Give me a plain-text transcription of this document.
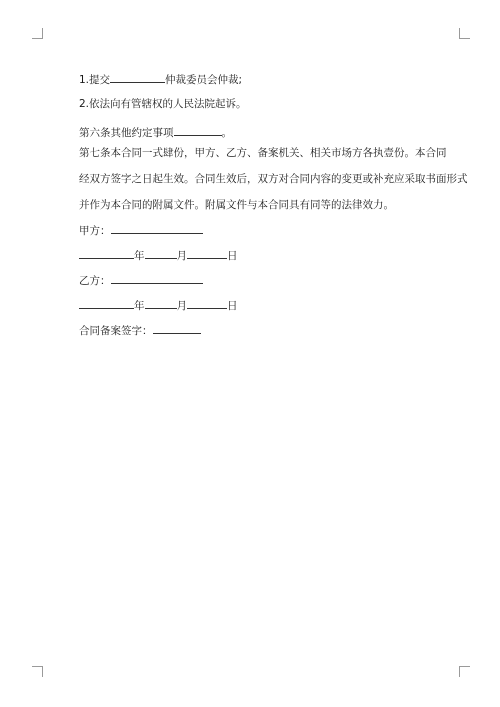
1.提交	仲裁委员会仲裁;
2.依法向有管辖权的人民法院起诉。
第六条其他约定事项	。
第七条本合同一式肆份，甲方、乙方、备案机关、相关市场方各执壹份。本合同
经双方签字之日起生效。合同生效后，双方对合同内容的变更或补充应采取书面形式
并作为本合同的附属文件。附属文件与本合同具有同等的法律效力。
甲方：
年	月	日
乙方：
年	月	日
合同备案签字：
